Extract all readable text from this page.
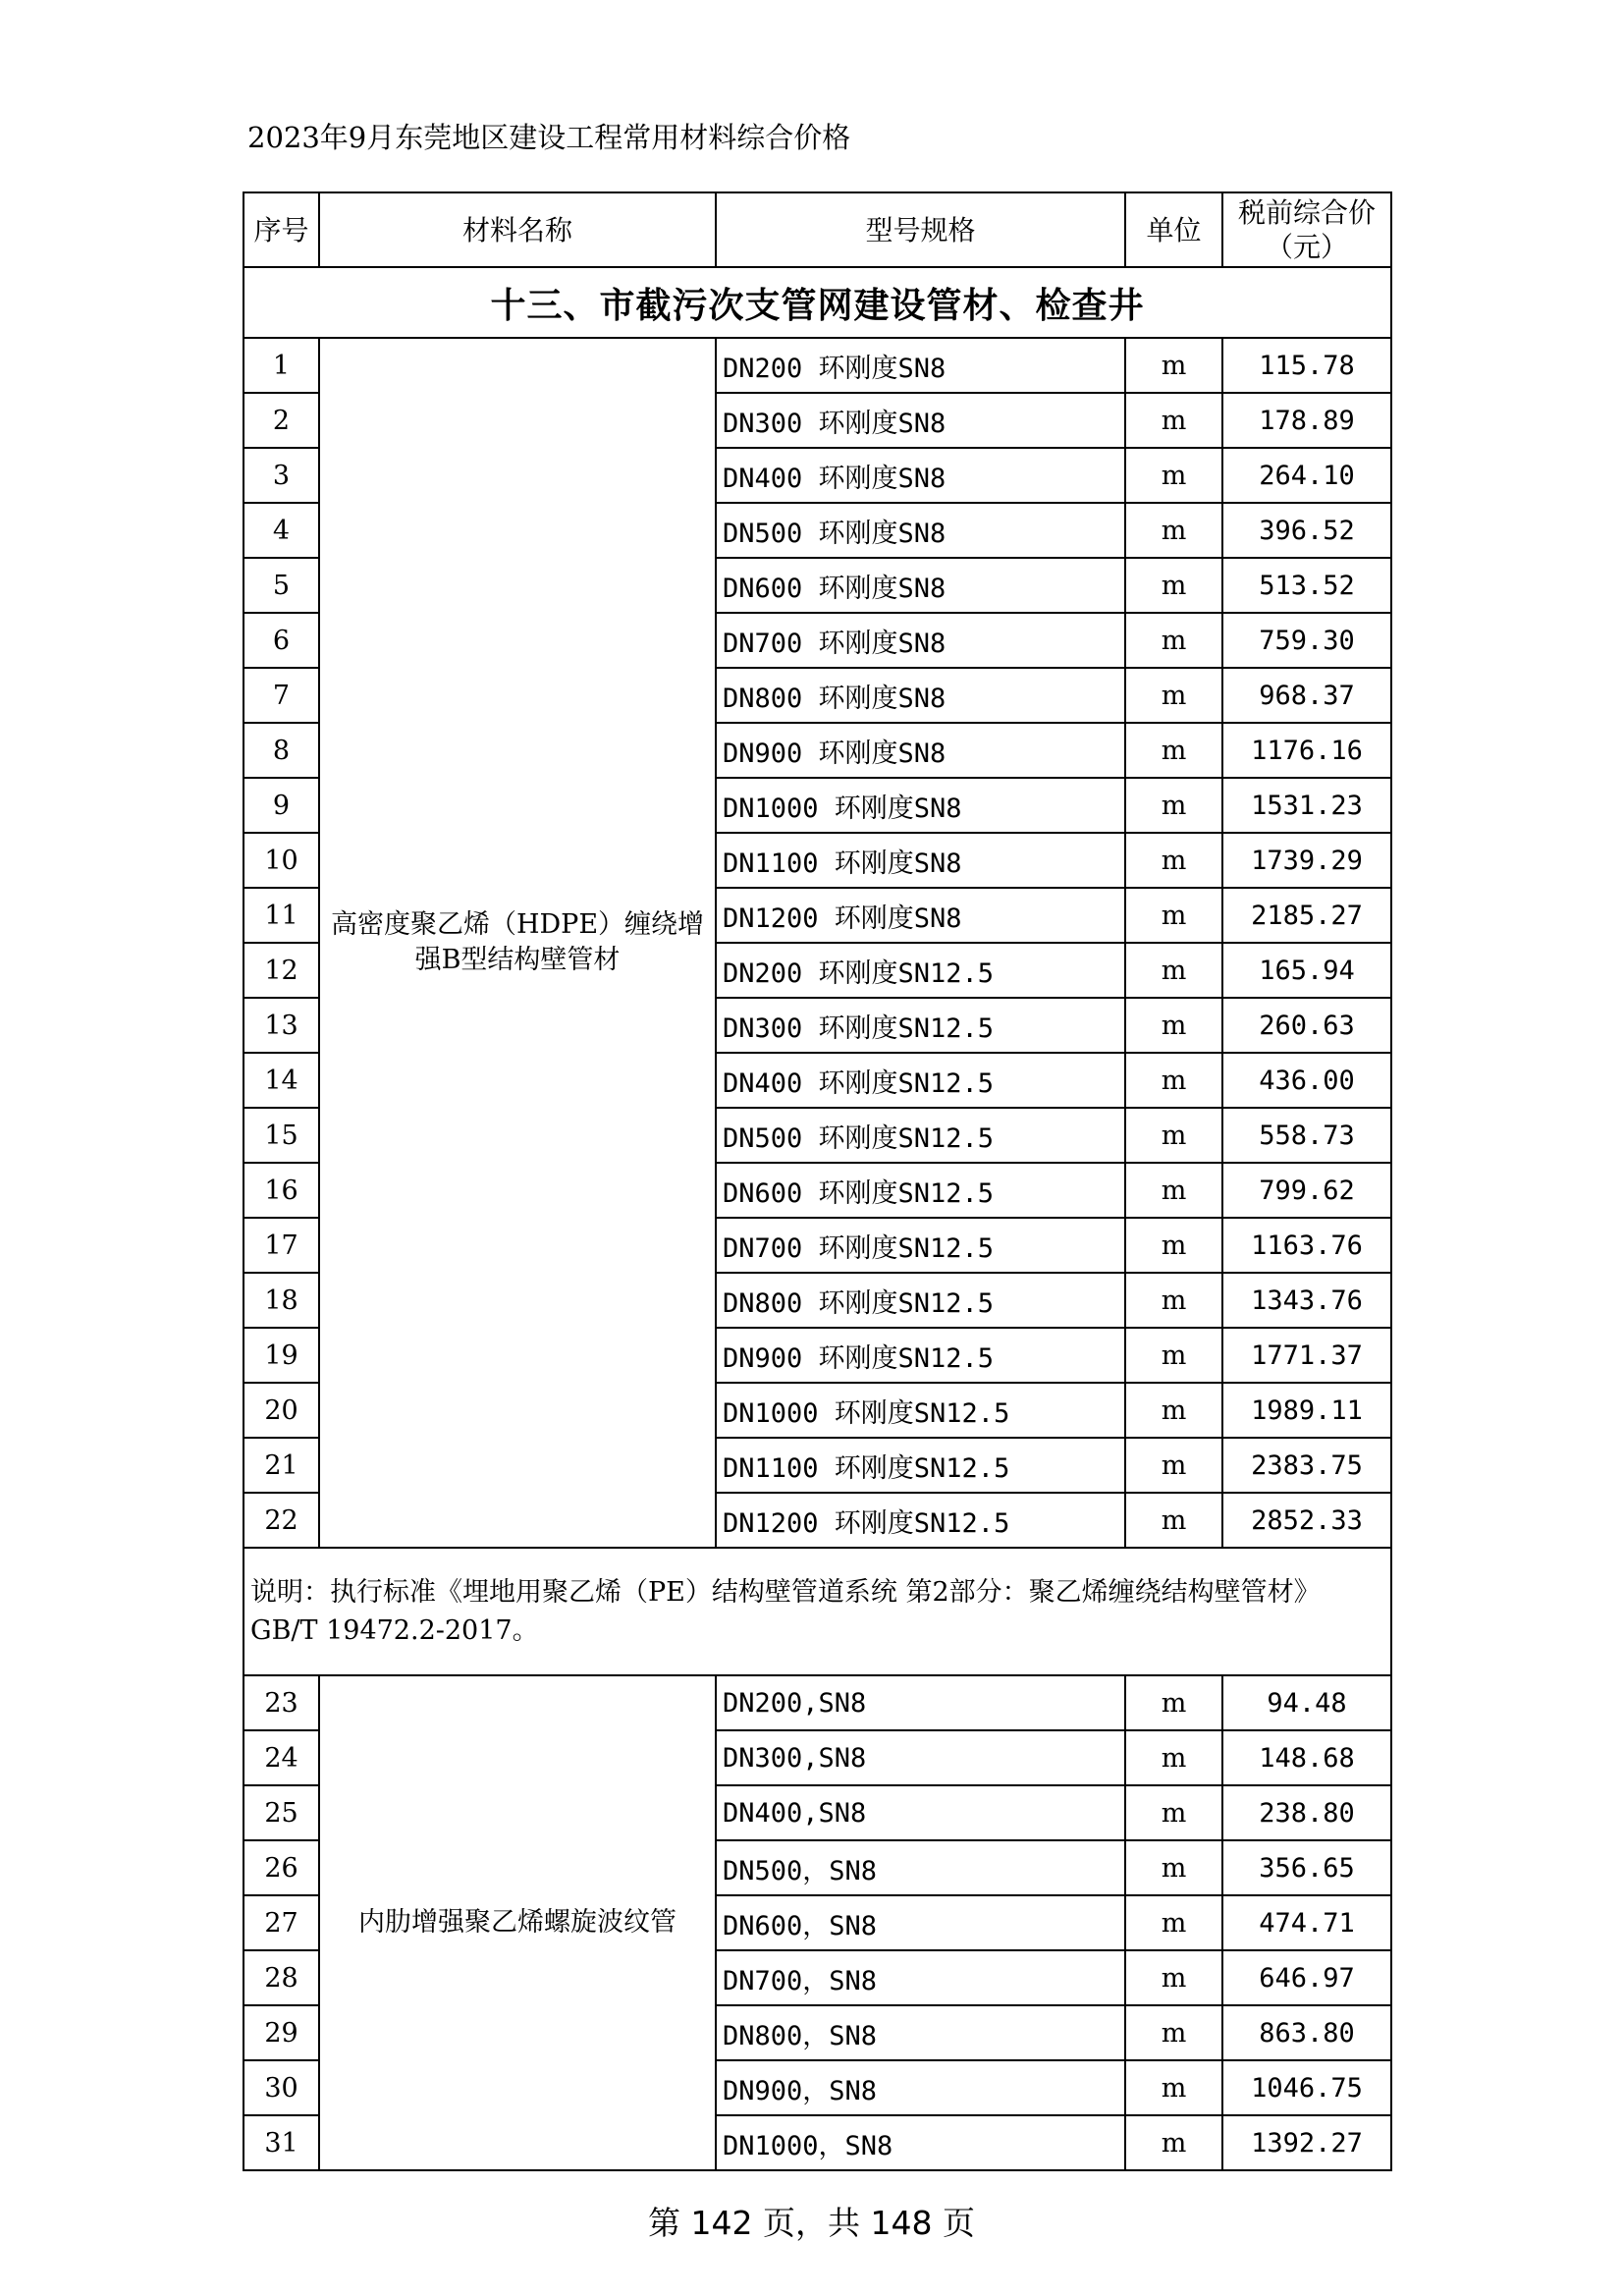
2023年9月东莞地区建设工程常用材料综合价格
序号	材料名称	型号规格	单位	税前综合价（元）
十三、市截污次支管网建设管材、检查井				
1	高密度聚乙烯（HDPE）缠绕增强B型结构壁管材	DN200 环刚度SN8	m	115.78
2		DN300 环刚度SN8	m	178.89
3		DN400 环刚度SN8	m	264.10
4		DN500 环刚度SN8	m	396.52
5		DN600 环刚度SN8	m	513.52
6		DN700 环刚度SN8	m	759.30
7		DN800 环刚度SN8	m	968.37
8		DN900 环刚度SN8	m	1176.16
9		DN1000 环刚度SN8	m	1531.23
10		DN1100 环刚度SN8	m	1739.29
11		DN1200 环刚度SN8	m	2185.27
12		DN200 环刚度SN12.5	m	165.94
13		DN300 环刚度SN12.5	m	260.63
14		DN400 环刚度SN12.5	m	436.00
15		DN500 环刚度SN12.5	m	558.73
16		DN600 环刚度SN12.5	m	799.62
17		DN700 环刚度SN12.5	m	1163.76
18		DN800 环刚度SN12.5	m	1343.76
19		DN900 环刚度SN12.5	m	1771.37
20		DN1000 环刚度SN12.5	m	1989.11
21		DN1100 环刚度SN12.5	m	2383.75
22		DN1200 环刚度SN12.5	m	2852.33
说明：执行标准《埋地用聚乙烯（PE）结构壁管道系统 第2部分：聚乙烯缠绕结构壁管材》GB/T 19472.2-2017。				
23	内肋增强聚乙烯螺旋波纹管	DN200,SN8	m	94.48
24		DN300,SN8	m	148.68
25		DN400,SN8	m	238.80
26		DN500，SN8	m	356.65
27		DN600，SN8	m	474.71
28		DN700，SN8	m	646.97
29		DN800，SN8	m	863.80
30		DN900，SN8	m	1046.75
31		DN1000，SN8	m	1392.27
第 142 页，共 148 页
